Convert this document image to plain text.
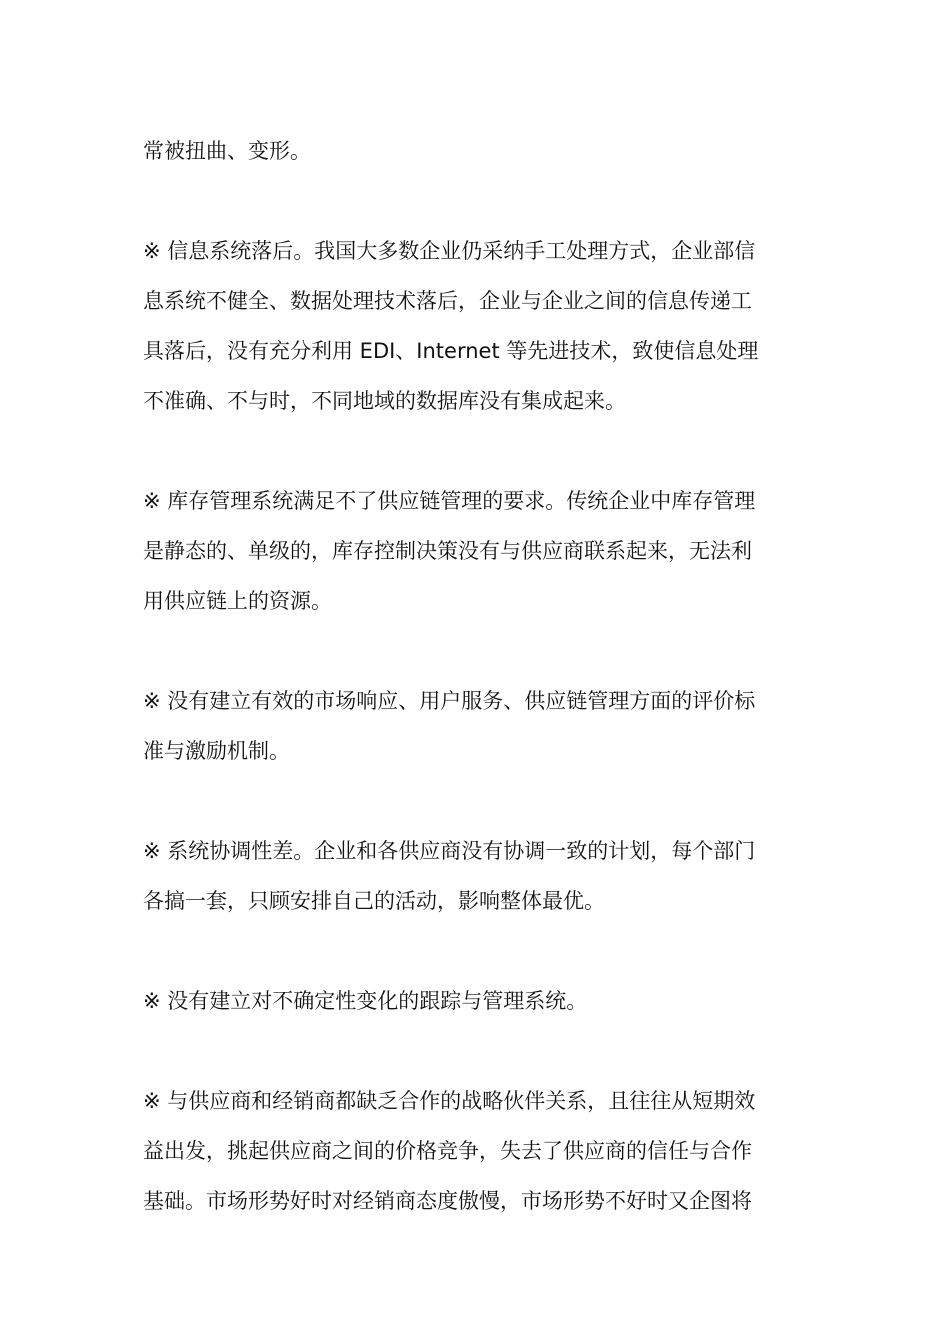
常被扭曲、变形。

※ 信息系统落后。我国大多数企业仍采纳手工处理方式，企业部信
息系统不健全、数据处理技术落后，企业与企业之间的信息传递工
具落后，没有充分利用 EDI、Internet 等先进技术，致使信息处理
不准确、不与时，不同地域的数据库没有集成起来。

※ 库存管理系统满足不了供应链管理的要求。传统企业中库存管理
是静态的、单级的，库存控制决策没有与供应商联系起来，无法利
用供应链上的资源。

※ 没有建立有效的市场响应、用户服务、供应链管理方面的评价标
准与激励机制。

※ 系统协调性差。企业和各供应商没有协调一致的计划，每个部门
各搞一套，只顾安排自己的活动，影响整体最优。

※ 没有建立对不确定性变化的跟踪与管理系统。

※ 与供应商和经销商都缺乏合作的战略伙伴关系，且往往从短期效
益出发，挑起供应商之间的价格竞争，失去了供应商的信任与合作
基础。市场形势好时对经销商态度傲慢，市场形势不好时又企图将
